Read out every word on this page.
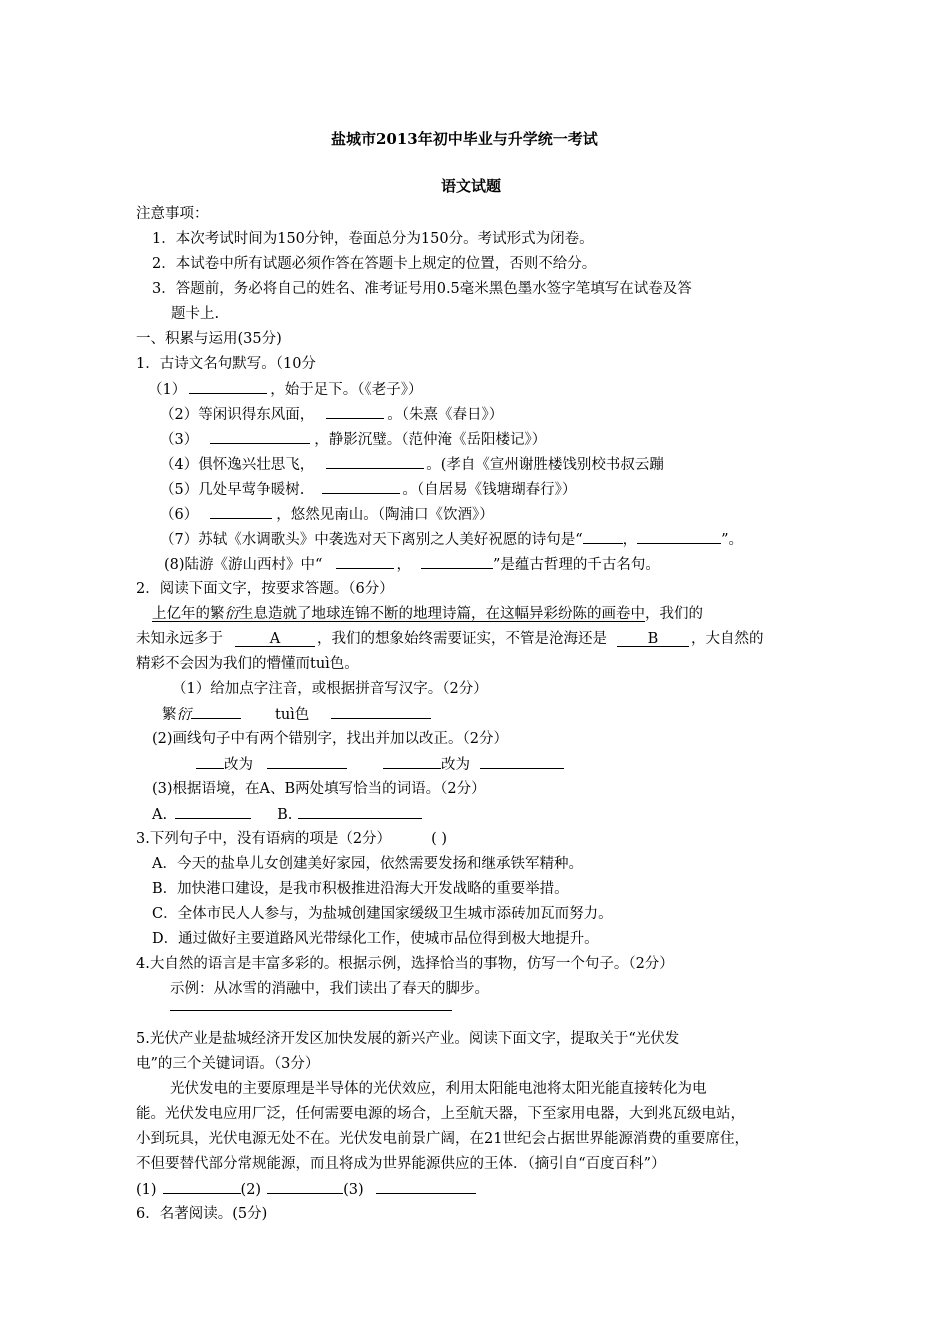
盐城市2013年初中毕业与升学统一考试
语文试题
注意事项：
1．本次考试时间为150分钟，卷面总分为150分。考试形式为闭卷。
2．本试卷中所有试题必须作答在答题卡上规定的位置，否则不给分。
3．答题前，务必将自己的姓名、准考证号用0.5毫米黑色墨水签字笔填写在试卷及答
题卡上.
一、积累与运用(35分)
1．古诗文名句默写。（10分
（1）	，始于足下。（《老子》）
（2）等闲识得东风面，	。（朱熹《春日》）
（3）	，静影沉璧。（范仲淹《岳阳楼记》）
（4）俱怀逸兴壮思飞，	。(孝自《宣州谢胜楼饯别校书叔云蹦
（5）几处早莺争暖树.	。（自居易《钱塘瑚春行》）
（6）	，悠然见南山。（陶浦口《饮酒》）
（7）苏轼《水调歌头》中袭选对天下离别之人美好祝愿的诗句是“	，	”。
(8)陆游《游山西村》中“	，	”是蕴古哲理的千古名句。
2．阅读下面文字，按要求答题。（6分）
上亿年的繁衍生息造就了地球连锦不断的地理诗篇，在这幅异彩纷陈的画卷中，我们的
未知永远多于	A	，我们的想象始终需要证实，不管是沧海还是	B ，大自然的
精彩不会因为我们的懵懂而tuì色。
（1）给加点字注音，或根据拼音写汉字。（2分）
繁衍	tuì色
(2)画线句子中有两个错别字，找出并加以改正。（2分）
改为	改为
(3)根据语境，在A、B两处填写恰当的词语。（2分）
A.	B.
3.下列句子中，没有语病的项是（2分）	( )
A．今天的盐阜儿女创建美好家园，依然需要发扬和继承铁军精种。
B．加快港口建设，是我市积极推进沿海大开发战略的重要举措。
C．全体市民人人参与，为盐城创建国家缓级卫生城市添砖加瓦而努力。
D．通过做好主要道路风光带绿化工作，使城市品位得到极大地提升。
4.大自然的语言是丰富多彩的。根据示例，选择恰当的事物，仿写一个句子。（2分）
示例：从冰雪的消融中，我们读出了春天的脚步。
5.光伏产业是盐城经济开发区加快发展的新兴产业。阅读下面文字，提取关于“光伏发
电”的三个关键词语。（3分）
光伏发电的主要原理是半导体的光伏效应，利用太阳能电池将太阳光能直接转化为电
能。光伏发电应用厂泛，任何需要电源的场合，上至航天器，下至家用电器，大到兆瓦级电站，
小到玩具，光伏电源无处不在。光伏发电前景广阔，在21世纪会占据世界能源消费的重要席住，
不但要替代部分常规能源，而且将成为世界能源供应的王体．（摘引自“百度百科”）
(1)	(2)	(3)
6．名著阅读。(5分)
